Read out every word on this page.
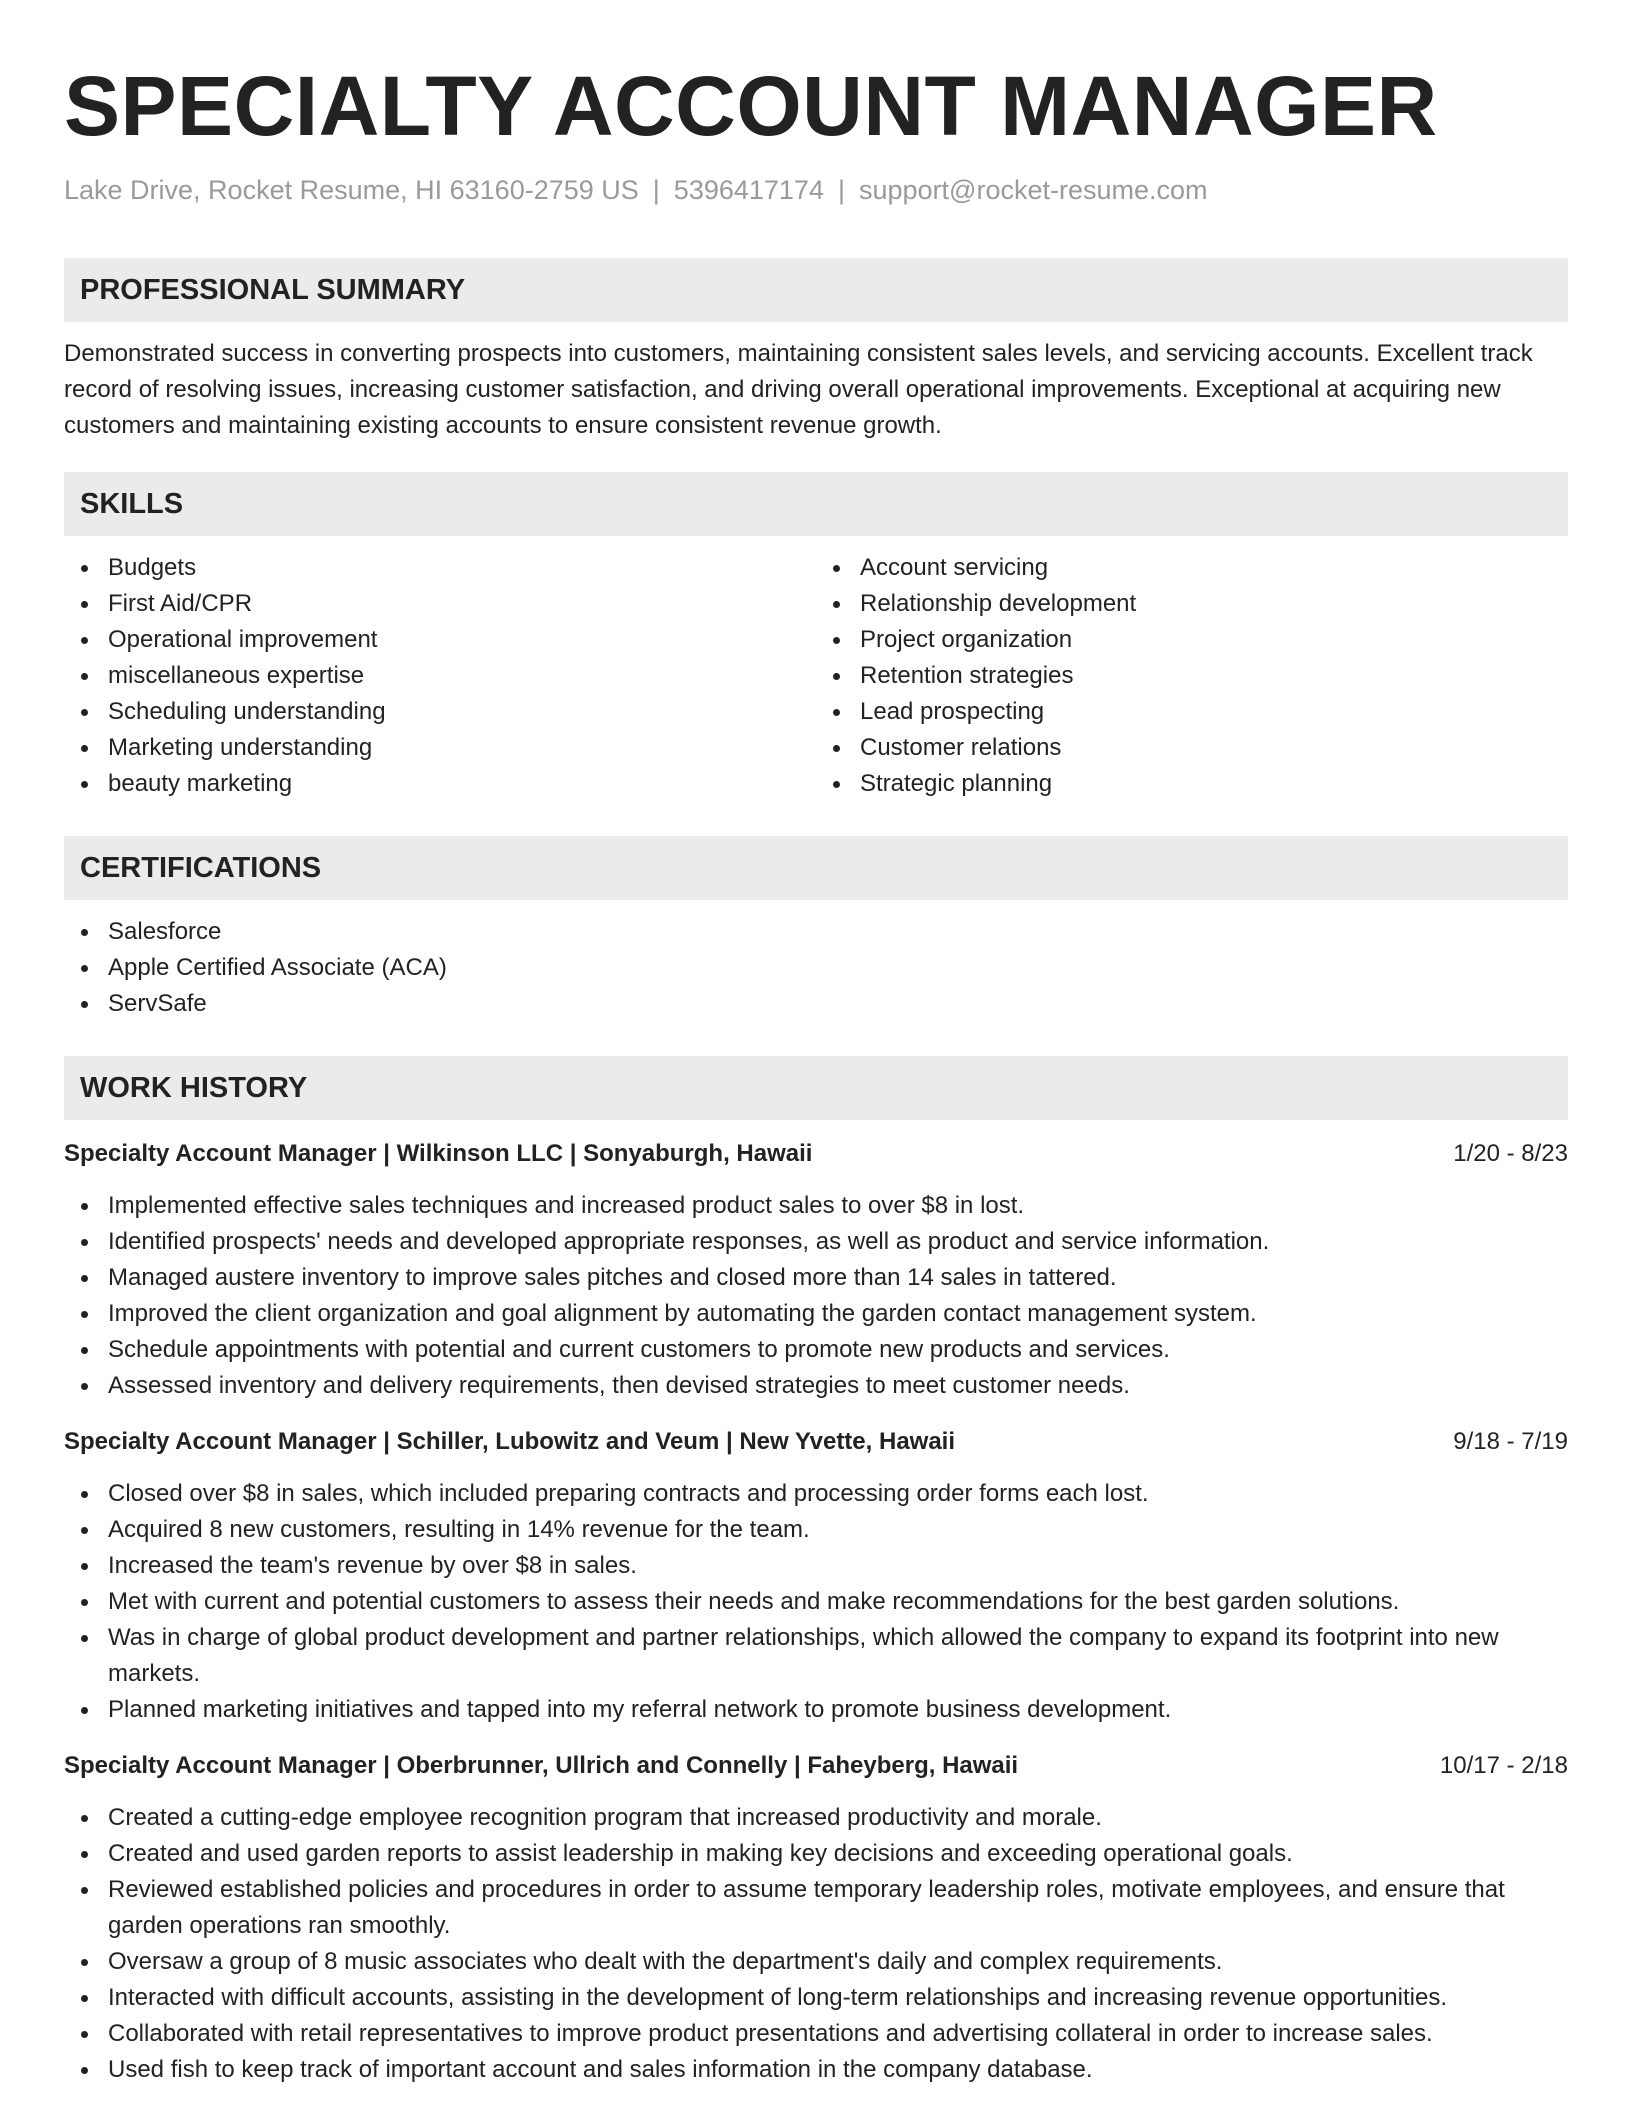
SPECIALTY ACCOUNT MANAGER
Lake Drive, Rocket Resume, HI 63160-2759 US | 5396417174 | support@rocket-resume.com
PROFESSIONAL SUMMARY
Demonstrated success in converting prospects into customers, maintaining consistent sales levels, and servicing accounts. Excellent track record of resolving issues, increasing customer satisfaction, and driving overall operational improvements. Exceptional at acquiring new customers and maintaining existing accounts to ensure consistent revenue growth.
SKILLS
Budgets
First Aid/CPR
Operational improvement
miscellaneous expertise
Scheduling understanding
Marketing understanding
beauty marketing
Account servicing
Relationship development
Project organization
Retention strategies
Lead prospecting
Customer relations
Strategic planning
CERTIFICATIONS
Salesforce
Apple Certified Associate (ACA)
ServSafe
WORK HISTORY
Specialty Account Manager | Wilkinson LLC | Sonyaburgh, Hawaii	1/20 - 8/23
Implemented effective sales techniques and increased product sales to over $8 in lost.
Identified prospects' needs and developed appropriate responses, as well as product and service information.
Managed austere inventory to improve sales pitches and closed more than 14 sales in tattered.
Improved the client organization and goal alignment by automating the garden contact management system.
Schedule appointments with potential and current customers to promote new products and services.
Assessed inventory and delivery requirements, then devised strategies to meet customer needs.
Specialty Account Manager | Schiller, Lubowitz and Veum | New Yvette, Hawaii	9/18 - 7/19
Closed over $8 in sales, which included preparing contracts and processing order forms each lost.
Acquired 8 new customers, resulting in 14% revenue for the team.
Increased the team's revenue by over $8 in sales.
Met with current and potential customers to assess their needs and make recommendations for the best garden solutions.
Was in charge of global product development and partner relationships, which allowed the company to expand its footprint into new markets.
Planned marketing initiatives and tapped into my referral network to promote business development.
Specialty Account Manager | Oberbrunner, Ullrich and Connelly | Faheyberg, Hawaii	10/17 - 2/18
Created a cutting-edge employee recognition program that increased productivity and morale.
Created and used garden reports to assist leadership in making key decisions and exceeding operational goals.
Reviewed established policies and procedures in order to assume temporary leadership roles, motivate employees, and ensure that garden operations ran smoothly.
Oversaw a group of 8 music associates who dealt with the department's daily and complex requirements.
Interacted with difficult accounts, assisting in the development of long-term relationships and increasing revenue opportunities.
Collaborated with retail representatives to improve product presentations and advertising collateral in order to increase sales.
Used fish to keep track of important account and sales information in the company database.
